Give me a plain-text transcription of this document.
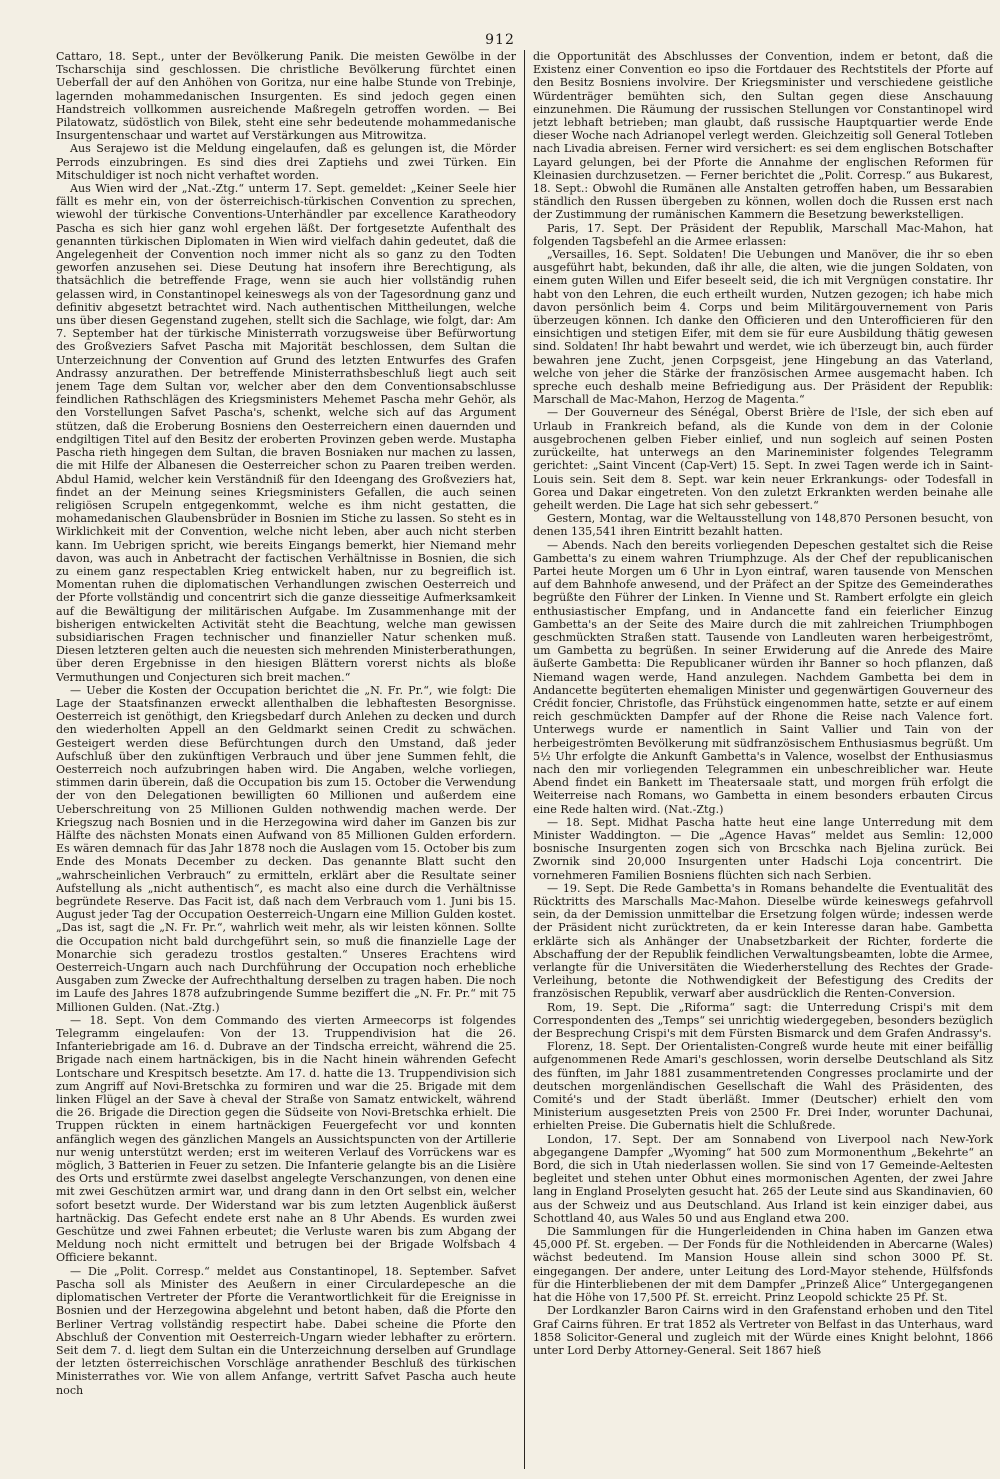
912

Cattaro, 18. Sept., unter der Bevölkerung Panik. Die meisten Gewölbe in der Tscharschija sind geschlossen. Die christliche Bevölkerung fürchtet einen Ueberfall der auf den Anhöhen von Goritza, nur eine halbe Stunde von Trebinje, lagernden mohammedanischen Insurgenten. Es sind jedoch gegen einen Handstreich vollkommen ausreichende Maßregeln getroffen worden. — Bei Pilatowatz, südöstlich von Bilek, steht eine sehr bedeutende mohammedanische Insurgentenschaar und wartet auf Verstärkungen aus Mitrowitza.

Aus Serajewo ist die Meldung eingelaufen, daß es gelungen ist, die Mörder Perrods einzubringen. Es sind dies drei Zaptiehs und zwei Türken. Ein Mitschuldiger ist noch nicht verhaftet worden.

Aus Wien wird der „Nat.-Ztg.“ unterm 17. Sept. gemeldet: „Keiner Seele hier fällt es mehr ein, von der österreichisch-türkischen Convention zu sprechen, wiewohl der türkische Conventions-Unterhändler par excellence Karatheodory Pascha es sich hier ganz wohl ergehen läßt. Der fortgesetzte Aufenthalt des genannten türkischen Diplomaten in Wien wird vielfach dahin gedeutet, daß die Angelegenheit der Convention noch immer nicht als so ganz zu den Todten geworfen anzusehen sei. Diese Deutung hat insofern ihre Berechtigung, als thatsächlich die betreffende Frage, wenn sie auch hier vollständig ruhen gelassen wird, in Constantinopel keineswegs als von der Tagesordnung ganz und definitiv abgesetzt betrachtet wird. Nach authentischen Mittheilungen, welche uns über diesen Gegenstand zugehen, stellt sich die Sachlage, wie folgt, dar: Am 7. September hat der türkische Ministerrath vorzugsweise über Befürwortung des Großveziers Safvet Pascha mit Majorität beschlossen, dem Sultan die Unterzeichnung der Convention auf Grund des letzten Entwurfes des Grafen Andrassy anzurathen. Der betreffende Ministerrathsbeschluß liegt auch seit jenem Tage dem Sultan vor, welcher aber den dem Conventionsabschlusse feindlichen Rathschlägen des Kriegsministers Mehemet Pascha mehr Gehör, als den Vorstellungen Safvet Pascha's, schenkt, welche sich auf das Argument stützen, daß die Eroberung Bosniens den Oesterreichern einen dauernden und endgiltigen Titel auf den Besitz der eroberten Provinzen geben werde. Mustapha Pascha rieth hingegen dem Sultan, die braven Bosniaken nur machen zu lassen, die mit Hilfe der Albanesen die Oesterreicher schon zu Paaren treiben werden. Abdul Hamid, welcher kein Verständniß für den Ideengang des Großveziers hat, findet an der Meinung seines Kriegsministers Gefallen, die auch seinen religiösen Scrupeln entgegenkommt, welche es ihm nicht gestatten, die mohamedanischen Glaubensbrüder in Bosnien im Stiche zu lassen. So steht es in Wirklichkeit mit der Convention, welche nicht leben, aber auch nicht sterben kann. Im Uebrigen spricht, wie bereits Eingangs bemerkt, hier Niemand mehr davon, was auch in Anbetracht der factischen Verhältnisse in Bosnien, die sich zu einem ganz respectablen Krieg entwickelt haben, nur zu begreiflich ist. Momentan ruhen die diplomatischen Verhandlungen zwischen Oesterreich und der Pforte vollständig und concentrirt sich die ganze diesseitige Aufmerksamkeit auf die Bewältigung der militärischen Aufgabe. Im Zusammenhange mit der bisherigen entwickelten Activität steht die Beachtung, welche man gewissen subsidiarischen Fragen technischer und finanzieller Natur schenken muß. Diesen letzteren gelten auch die neuesten sich mehrenden Ministerberathungen, über deren Ergebnisse in den hiesigen Blättern vorerst nichts als bloße Vermuthungen und Conjecturen sich breit machen.“

— Ueber die Kosten der Occupation berichtet die „N. Fr. Pr.“, wie folgt: Die Lage der Staatsfinanzen erweckt allenthalben die lebhaftesten Besorgnisse. Oesterreich ist genöthigt, den Kriegsbedarf durch Anlehen zu decken und durch den wiederholten Appell an den Geldmarkt seinen Credit zu schwächen. Gesteigert werden diese Befürchtungen durch den Umstand, daß jeder Aufschluß über den zukünftigen Verbrauch und über jene Summen fehlt, die Oesterreich noch aufzubringen haben wird. Die Angaben, welche vorliegen, stimmen darin überein, daß die Occupation bis zum 15. October die Verwendung der von den Delegationen bewilligten 60 Millionen und außerdem eine Ueberschreitung von 25 Millionen Gulden nothwendig machen werde. Der Kriegszug nach Bosnien und in die Herzegowina wird daher im Ganzen bis zur Hälfte des nächsten Monats einen Aufwand von 85 Millionen Gulden erfordern. Es wären demnach für das Jahr 1878 noch die Auslagen vom 15. October bis zum Ende des Monats December zu decken. Das genannte Blatt sucht den „wahrscheinlichen Verbrauch“ zu ermitteln, erklärt aber die Resultate seiner Aufstellung als „nicht authentisch“, es macht also eine durch die Verhältnisse begründete Reserve. Das Facit ist, daß nach dem Verbrauch vom 1. Juni bis 15. August jeder Tag der Occupation Oesterreich-Ungarn eine Million Gulden kostet. „Das ist, sagt die „N. Fr. Pr.“, wahrlich weit mehr, als wir leisten können. Sollte die Occupation nicht bald durchgeführt sein, so muß die finanzielle Lage der Monarchie sich geradezu trostlos gestalten.“ Unseres Erachtens wird Oesterreich-Ungarn auch nach Durchführung der Occupation noch erhebliche Ausgaben zum Zwecke der Aufrechthaltung derselben zu tragen haben. Die noch im Laufe des Jahres 1878 aufzubringende Summe beziffert die „N. Fr. Pr.“ mit 75 Millionen Gulden. (Nat.-Ztg.)

— 18. Sept. Von dem Commando des vierten Armeecorps ist folgendes Telegramm eingelaufen: Von der 13. Truppendivision hat die 26. Infanteriebrigade am 16. d. Dubrave an der Tindscha erreicht, während die 25. Brigade nach einem hartnäckigen, bis in die Nacht hinein währenden Gefecht Lontschare und Krespitsch besetzte. Am 17. d. hatte die 13. Truppendivision sich zum Angriff auf Novi-Bretschka zu formiren und war die 25. Brigade mit dem linken Flügel an der Save à cheval der Straße von Samatz entwickelt, während die 26. Brigade die Direction gegen die Südseite von Novi-Bretschka erhielt. Die Truppen rückten in einem hartnäckigen Feuergefecht vor und konnten anfänglich wegen des gänzlichen Mangels an Aussichtspuncten von der Artillerie nur wenig unterstützt werden; erst im weiteren Verlauf des Vorrückens war es möglich, 3 Batterien in Feuer zu setzen. Die Infanterie gelangte bis an die Lisière des Orts und erstürmte zwei daselbst angelegte Verschanzungen, von denen eine mit zwei Geschützen armirt war, und drang dann in den Ort selbst ein, welcher sofort besetzt wurde. Der Widerstand war bis zum letzten Augenblick äußerst hartnäckig. Das Gefecht endete erst nahe an 8 Uhr Abends. Es wurden zwei Geschütze und zwei Fahnen erbeutet; die Verluste waren bis zum Abgang der Meldung noch nicht ermittelt und betrugen bei der Brigade Wolfsbach 4 Officiere bekannt.

— Die „Polit. Corresp.“ meldet aus Constantinopel, 18. September. Safvet Pascha soll als Minister des Aeußern in einer Circulardepesche an die diplomatischen Vertreter der Pforte die Verantwortlichkeit für die Ereignisse in Bosnien und der Herzegowina abgelehnt und betont haben, daß die Pforte den Berliner Vertrag vollständig respectirt habe. Dabei scheine die Pforte den Abschluß der Convention mit Oesterreich-Ungarn wieder lebhafter zu erörtern. Seit dem 7. d. liegt dem Sultan ein die Unterzeichnung derselben auf Grundlage der letzten österreichischen Vorschläge anrathender Beschluß des türkischen Ministerrathes vor. Wie von allem Anfange, vertritt Safvet Pascha auch heute noch

die Opportunität des Abschlusses der Convention, indem er betont, daß die Existenz einer Convention eo ipso die Fortdauer des Rechtstitels der Pforte auf den Besitz Bosniens involvire. Der Kriegsminister und verschiedene geistliche Würdenträger bemühten sich, den Sultan gegen diese Anschauung einzunehmen. Die Räumung der russischen Stellungen vor Constantinopel wird jetzt lebhaft betrieben; man glaubt, daß russische Hauptquartier werde Ende dieser Woche nach Adrianopel verlegt werden. Gleichzeitig soll General Totleben nach Livadia abreisen. Ferner wird versichert: es sei dem englischen Botschafter Layard gelungen, bei der Pforte die Annahme der englischen Reformen für Kleinasien durchzusetzen. — Ferner berichtet die „Polit. Corresp.“ aus Bukarest, 18. Sept.: Obwohl die Rumänen alle Anstalten getroffen haben, um Bessarabien ständlich den Russen übergeben zu können, wollen doch die Russen erst nach der Zustimmung der rumänischen Kammern die Besetzung bewerkstelligen.

Paris, 17. Sept. Der Präsident der Republik, Marschall Mac-Mahon, hat folgenden Tagsbefehl an die Armee erlassen:

„Versailles, 16. Sept. Soldaten! Die Uebungen und Manöver, die ihr so eben ausgeführt habt, bekunden, daß ihr alle, die alten, wie die jungen Soldaten, von einem guten Willen und Eifer beseelt seid, die ich mit Vergnügen constatire. Ihr habt von den Lehren, die euch ertheilt wurden, Nutzen gezogen; ich habe mich davon persönlich beim 4. Corps und beim Militärgouvernement von Paris überzeugen können. Ich danke den Officieren und den Unterofficieren für den einsichtigen und stetigen Eifer, mit dem sie für eure Ausbildung thätig gewesen sind. Soldaten! Ihr habt bewahrt und werdet, wie ich überzeugt bin, auch fürder bewahren jene Zucht, jenen Corpsgeist, jene Hingebung an das Vaterland, welche von jeher die Stärke der französischen Armee ausgemacht haben. Ich spreche euch deshalb meine Befriedigung aus. Der Präsident der Republik: Marschall de Mac-Mahon, Herzog de Magenta.“

— Der Gouverneur des Sénégal, Oberst Brière de l'Isle, der sich eben auf Urlaub in Frankreich befand, als die Kunde von dem in der Colonie ausgebrochenen gelben Fieber einlief, und nun sogleich auf seinen Posten zurückeilte, hat unterwegs an den Marineminister folgendes Telegramm gerichtet: „Saint Vincent (Cap-Vert) 15. Sept. In zwei Tagen werde ich in Saint-Louis sein. Seit dem 8. Sept. war kein neuer Erkrankungs- oder Todesfall in Gorea und Dakar eingetreten. Von den zuletzt Erkrankten werden beinahe alle geheilt werden. Die Lage hat sich sehr gebessert.“

Gestern, Montag, war die Weltausstellung von 148,870 Personen besucht, von denen 135,541 ihren Eintritt bezahlt hatten.

— Abends. Nach den bereits vorliegenden Depeschen gestaltet sich die Reise Gambetta's zu einem wahren Triumphzuge. Als der Chef der republicanischen Partei heute Morgen um 6 Uhr in Lyon eintraf, waren tausende von Menschen auf dem Bahnhofe anwesend, und der Präfect an der Spitze des Gemeinderathes begrüßte den Führer der Linken. In Vienne und St. Rambert erfolgte ein gleich enthusiastischer Empfang, und in Andancette fand ein feierlicher Einzug Gambetta's an der Seite des Maire durch die mit zahlreichen Triumphbogen geschmückten Straßen statt. Tausende von Landleuten waren herbeigeströmt, um Gambetta zu begrüßen. In seiner Erwiderung auf die Anrede des Maire äußerte Gambetta: Die Republicaner würden ihr Banner so hoch pflanzen, daß Niemand wagen werde, Hand anzulegen. Nachdem Gambetta bei dem in Andancette begüterten ehemaligen Minister und gegenwärtigen Gouverneur des Crédit foncier, Christofle, das Frühstück eingenommen hatte, setzte er auf einem reich geschmückten Dampfer auf der Rhone die Reise nach Valence fort. Unterwegs wurde er namentlich in Saint Vallier und Tain von der herbeigeströmten Bevölkerung mit südfranzösischem Enthusiasmus begrüßt. Um 5½ Uhr erfolgte die Ankunft Gambetta's in Valence, woselbst der Enthusiasmus nach den mir vorliegenden Telegrammen ein unbeschreiblicher war. Heute Abend findet ein Bankett im Theatersaale statt, und morgen früh erfolgt die Weiterreise nach Romans, wo Gambetta in einem besonders erbauten Circus eine Rede halten wird. (Nat.-Ztg.)

— 18. Sept. Midhat Pascha hatte heut eine lange Unterredung mit dem Minister Waddington. — Die „Agence Havas“ meldet aus Semlin: 12,000 bosnische Insurgenten zogen sich von Brcschka nach Bjelina zurück. Bei Zwornik sind 20,000 Insurgenten unter Hadschi Loja concentrirt. Die vornehmeren Familien Bosniens flüchten sich nach Serbien.

— 19. Sept. Die Rede Gambetta's in Romans behandelte die Eventualität des Rücktritts des Marschalls Mac-Mahon. Dieselbe würde keineswegs gefahrvoll sein, da der Demission unmittelbar die Ersetzung folgen würde; indessen werde der Präsident nicht zurücktreten, da er kein Interesse daran habe. Gambetta erklärte sich als Anhänger der Unabsetzbarkeit der Richter, forderte die Abschaffung der der Republik feindlichen Verwaltungsbeamten, lobte die Armee, verlangte für die Universitäten die Wiederherstellung des Rechtes der Grade-Verleihung, betonte die Nothwendigkeit der Befestigung des Credits der französischen Republik, verwarf aber ausdrücklich die Renten-Conversion.

Rom, 19. Sept. Die „Riforma“ sagt: die Unterredung Crispi's mit dem Correspondenten des „Temps“ sei unrichtig wiedergegeben, besonders bezüglich der Besprechung Crispi's mit dem Fürsten Bismarck und dem Grafen Andrassy's.

Florenz, 18. Sept. Der Orientalisten-Congreß wurde heute mit einer beifällig aufgenommenen Rede Amari's geschlossen, worin derselbe Deutschland als Sitz des fünften, im Jahr 1881 zusammentretenden Congresses proclamirte und der deutschen morgenländischen Gesellschaft die Wahl des Präsidenten, des Comité's und der Stadt überläßt. Immer (Deutscher) erhielt den vom Ministerium ausgesetzten Preis von 2500 Fr. Drei Inder, worunter Dachunai, erhielten Preise. Die Gubernatis hielt die Schlußrede.

London, 17. Sept. Der am Sonnabend von Liverpool nach New-York abgegangene Dampfer „Wyoming“ hat 500 zum Mormonenthum „Bekehrte“ an Bord, die sich in Utah niederlassen wollen. Sie sind von 17 Gemeinde-Aeltesten begleitet und stehen unter Obhut eines mormonischen Agenten, der zwei Jahre lang in England Proselyten gesucht hat. 265 der Leute sind aus Skandinavien, 60 aus der Schweiz und aus Deutschland. Aus Irland ist kein einziger dabei, aus Schottland 40, aus Wales 50 und aus England etwa 200.

Die Sammlungen für die Hungerleidenden in China haben im Ganzen etwa 45,000 Pf. St. ergeben. — Der Fonds für die Nothleidenden in Abercarne (Wales) wächst bedeutend. Im Mansion House allein sind schon 3000 Pf. St. eingegangen. Der andere, unter Leitung des Lord-Mayor stehende, Hülfsfonds für die Hinterbliebenen der mit dem Dampfer „Prinzeß Alice“ Untergegangenen hat die Höhe von 17,500 Pf. St. erreicht. Prinz Leopold schickte 25 Pf. St.

Der Lordkanzler Baron Cairns wird in den Grafenstand erhoben und den Titel Graf Cairns führen. Er trat 1852 als Vertreter von Belfast in das Unterhaus, ward 1858 Solicitor-General und zugleich mit der Würde eines Knight belohnt, 1866 unter Lord Derby Attorney-General. Seit 1867 hieß
